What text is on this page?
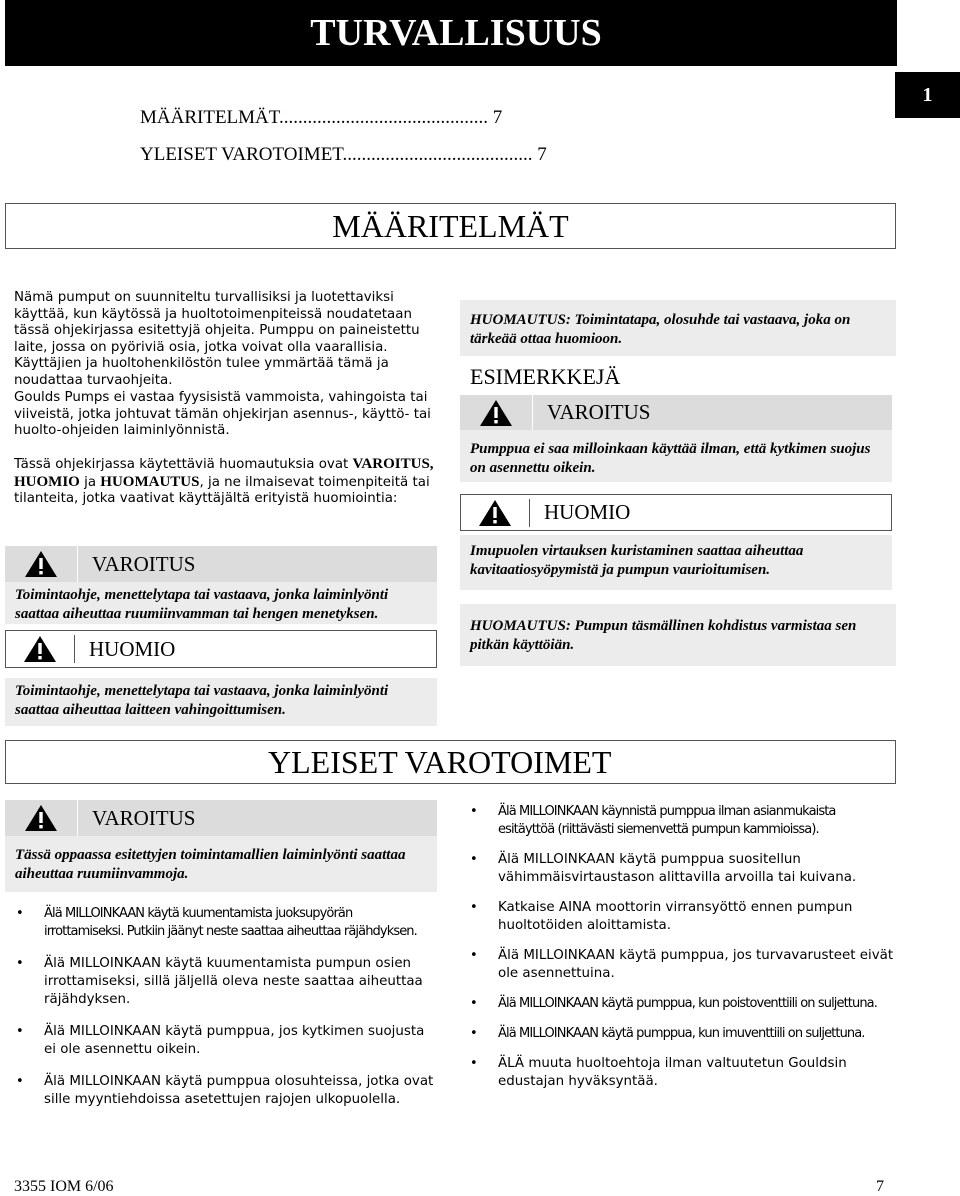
TURVALLISUUS
1
MÄÄRITELMÄT............................................ 7
YLEISET VAROTOIMET........................................ 7
MÄÄRITELMÄT
Nämä pumput on suunniteltu turvallisiksi ja luotettaviksi käyttää, kun käytössä ja huoltotoimenpiteissä noudatetaan tässä ohjekirjassa esitettyjä ohjeita. Pumppu on paineistettu laite, jossa on pyöriviä osia, jotka voivat olla vaarallisia. Käyttäjien ja huoltohenkilöstön tulee ymmärtää tämä ja noudattaa turvaohjeita.
Goulds Pumps ei vastaa fyysisistä vammoista, vahingoista tai viiveistä, jotka johtuvat tämän ohjekirjan asennus-, käyttö- tai huolto-ohjeiden laiminlyönnistä.
Tässä ohjekirjassa käytettäviä huomautuksia ovat VAROITUS, HUOMIO ja HUOMAUTUS, ja ne ilmaisevat toimenpiteitä tai tilanteita, jotka vaativat käyttäjältä erityistä huomiointia:
VAROITUS
Toimintaohje, menettelytapa tai vastaava, jonka laiminlyönti saattaa aiheuttaa ruumiinvamman tai hengen menetyksen.
HUOMIO
Toimintaohje, menettelytapa tai vastaava, jonka laiminlyönti saattaa aiheuttaa laitteen vahingoittumisen.
HUOMAUTUS: Toimintatapa, olosuhde tai vastaava, joka on tärkeää ottaa huomioon.
ESIMERKKEJÄ
VAROITUS
Pumppua ei saa milloinkaan käyttää ilman, että kytkimen suojus on asennettu oikein.
HUOMIO
Imupuolen virtauksen kuristaminen saattaa aiheuttaa kavitaatiosyöpymistä ja pumpun vaurioitumisen.
HUOMAUTUS: Pumpun täsmällinen kohdistus varmistaa sen pitkän käyttöiän.
YLEISET VAROTOIMET
VAROITUS
Tässä oppaassa esitettyjen toimintamallien laiminlyönti saattaa aiheuttaa ruumiinvammoja.
• Älä MILLOINKAAN käytä kuumentamista juoksupyörän irrottamiseksi. Putkiin jäänyt neste saattaa aiheuttaa räjähdyksen.
• Älä MILLOINKAAN käytä kuumentamista pumpun osien irrottamiseksi, sillä jäljellä oleva neste saattaa aiheuttaa räjähdyksen.
• Älä MILLOINKAAN käytä pumppua, jos kytkimen suojusta ei ole asennettu oikein.
• Älä MILLOINKAAN käytä pumppua olosuhteissa, jotka ovat sille myyntiehdoissa asetettujen rajojen ulkopuolella.
• Älä MILLOINKAAN käynnistä pumppua ilman asianmukaista esitäyttöä (riittävästi siemenvettä pumpun kammioissa).
• Älä MILLOINKAAN käytä pumppua suositellun vähimmäisvirtaustason alittavilla arvoilla tai kuivana.
• Katkaise AINA moottorin virransyöttö ennen pumpun huoltotöiden aloittamista.
• Älä MILLOINKAAN käytä pumppua, jos turvavarusteet eivät ole asennettuina.
• Älä MILLOINKAAN käytä pumppua, kun poistoventtiili on suljettuna.
• Älä MILLOINKAAN käytä pumppua, kun imuventtiili on suljettuna.
• ÄLÄ muuta huoltoehtoja ilman valtuutetun Gouldsin edustajan hyväksyntää.
3355 IOM 6/06	7
